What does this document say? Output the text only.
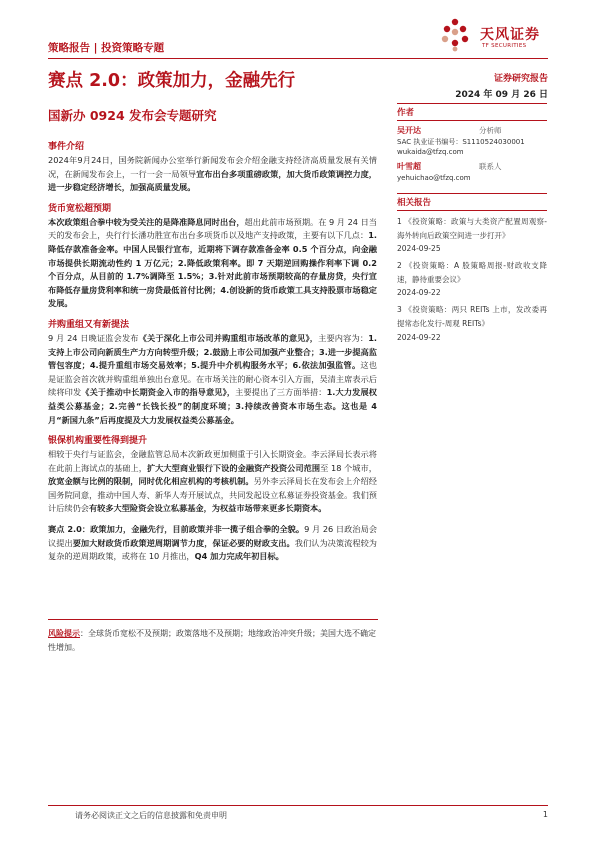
策略报告 | 投资策略专题
天风证券
TF SECURITIES
赛点 2.0：政策加力，金融先行	证券研究报告
2024 年 09 月 26 日
国新办 0924 发布会专题研究
事件介绍

2024年9月24日，国务院新闻办公室举行新闻发布会介绍金融支持经济高质量发展有关情况，在新闻发布会上，一行一会一局领导宣布出台多项重磅政策，加大货币政策调控力度，进一步稳定经济增长，加强高质量发展。

货币宽松超预期

本次政策组合拳中较为受关注的是降准降息同时出台，超出此前市场预期。在 9 月 24 日当天的发布会上，央行行长潘功胜宣布出台多项货币以及地产支持政策，主要有以下几点：1.降低存款准备金率。中国人民银行宣布，近期将下调存款准备金率 0.5 个百分点，向金融市场提供长期流动性约 1 万亿元；2.降低政策利率。即 7 天期逆回购操作利率下调 0.2 个百分点，从目前的 1.7%调降至 1.5%；3.针对此前市场预期较高的存量房贷，央行宣布降低存量房贷利率和统一房贷最低首付比例；4.创设新的货币政策工具支持股票市场稳定发展。

并购重组又有新提法

9 月 24 日晚证监会发布《关于深化上市公司并购重组市场改革的意见》，主要内容为：1.支持上市公司向新质生产力方向转型升级；2.鼓励上市公司加强产业整合；3.进一步提高监管包容度；4.提升重组市场交易效率；5.提升中介机构服务水平；6.依法加强监管。这也是证监会首次就并购重组单独出台意见。在市场关注的耐心资本引入方面，吴清主席表示后续将印发《关于推动中长期资金入市的指导意见》，主要提出了三方面举措：1.大力发展权益类公募基金；2.完善“长钱长投”的制度环境；3.持续改善资本市场生态。这也是 4 月“新国九条”后再度提及大力发展权益类公募基金。

银保机构重要性得到提升

相较于央行与证监会，金融监管总局本次新政更加侧重于引入长期资金。李云泽局长表示将在此前上海试点的基础上，扩大大型商业银行下设的金融资产投资公司范围至 18 个城市，放宽金额与比例的限制，同时优化相应机构的考核机制。另外李云泽局长在发布会上介绍经国务院同意，推动中国人寿、新华人寿开展试点，共同发起设立私募证券投资基金。我们预计后续仍会有较多大型险资会设立私募基金，为权益市场带来更多长期资本。

赛点 2.0：政策加力，金融先行，目前政策并非一揽子组合拳的全貌。9 月 26 日政治局会议提出要加大财政货币政策逆周期调节力度，保证必要的财政支出。我们认为决策流程较为复杂的逆周期政策，或将在 10 月推出，Q4 加力完成年初目标。

作者
吴开达	分析师
SAC 执业证书编号：S1110524030001
wukaida@tfzq.com
叶雪超	联系人
yehuichao@tfzq.com
相关报告
1 《投资策略：政策与大类资产配置周观察-海外转向后政策空间进一步打开》
2024-09-25
2 《投资策略：A 股策略周报-财政收支降速，静待重要会议》
2024-09-22
3 《投资策略：两只 REITs 上市，发改委再提常态化发行-周观 REITs》
2024-09-22
风险提示：全球货币宽松不及预期；政策落地不及预期；地缘政治冲突升级；美国大选不确定性增加。
请务必阅读正文之后的信息披露和免责申明	1
